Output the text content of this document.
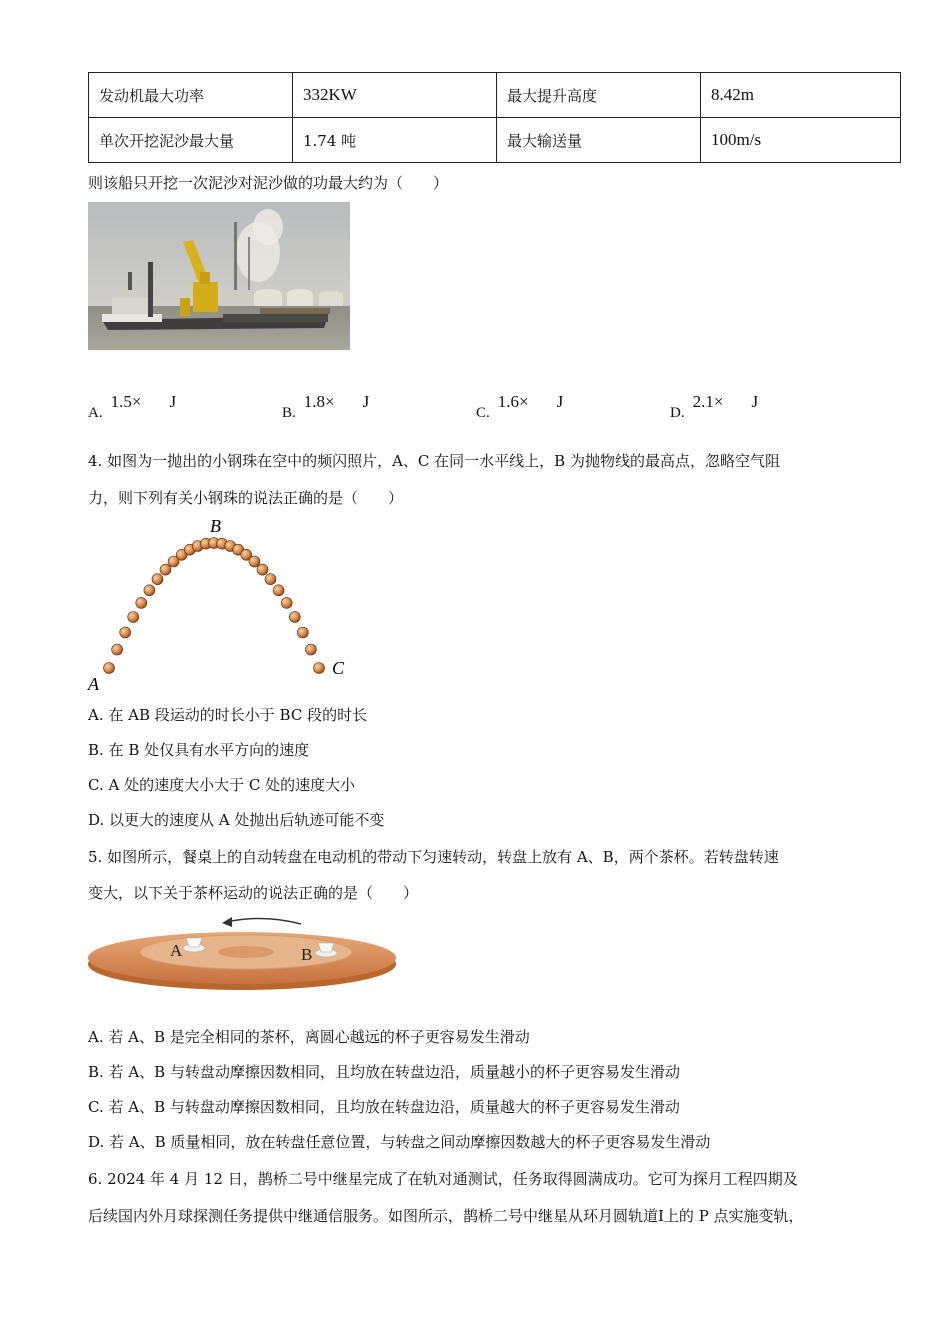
发动机最大功率	332KW	最大提升高度	8.42m
单次开挖泥沙最大量	1.74 吨	最大输送量	100m/s
则该船只开挖一次泥沙对泥沙做的功最大约为（　　）
A.1.5× J
B.1.8× J
C.1.6× J
D.2.1× J
4. 如图为一抛出的小钢珠在空中的频闪照片，A、C 在同一水平线上，B 为抛物线的最高点，忽略空气阻
力，则下列有关小钢珠的说法正确的是（　　）
A
B
C
A. 在 AB 段运动的时长小于 BC 段的时长
B. 在 B 处仅具有水平方向的速度
C. A 处的速度大小大于 C 处的速度大小
D. 以更大的速度从 A 处抛出后轨迹可能不变
5. 如图所示，餐桌上的自动转盘在电动机的带动下匀速转动，转盘上放有 A、B，两个茶杯。若转盘转速
变大，以下关于茶杯运动的说法正确的是（　　）
A	B
A. 若 A、B 是完全相同的茶杯，离圆心越远的杯子更容易发生滑动
B. 若 A、B 与转盘动摩擦因数相同，且均放在转盘边沿，质量越小的杯子更容易发生滑动
C. 若 A、B 与转盘动摩擦因数相同，且均放在转盘边沿，质量越大的杯子更容易发生滑动
D. 若 A、B 质量相同，放在转盘任意位置，与转盘之间动摩擦因数越大的杯子更容易发生滑动
6. 2024 年 4 月 12 日，鹊桥二号中继星完成了在轨对通测试，任务取得圆满成功。它可为探月工程四期及
后续国内外月球探测任务提供中继通信服务。如图所示，鹊桥二号中继星从环月圆轨道Ⅰ上的 P 点实施变轨，
